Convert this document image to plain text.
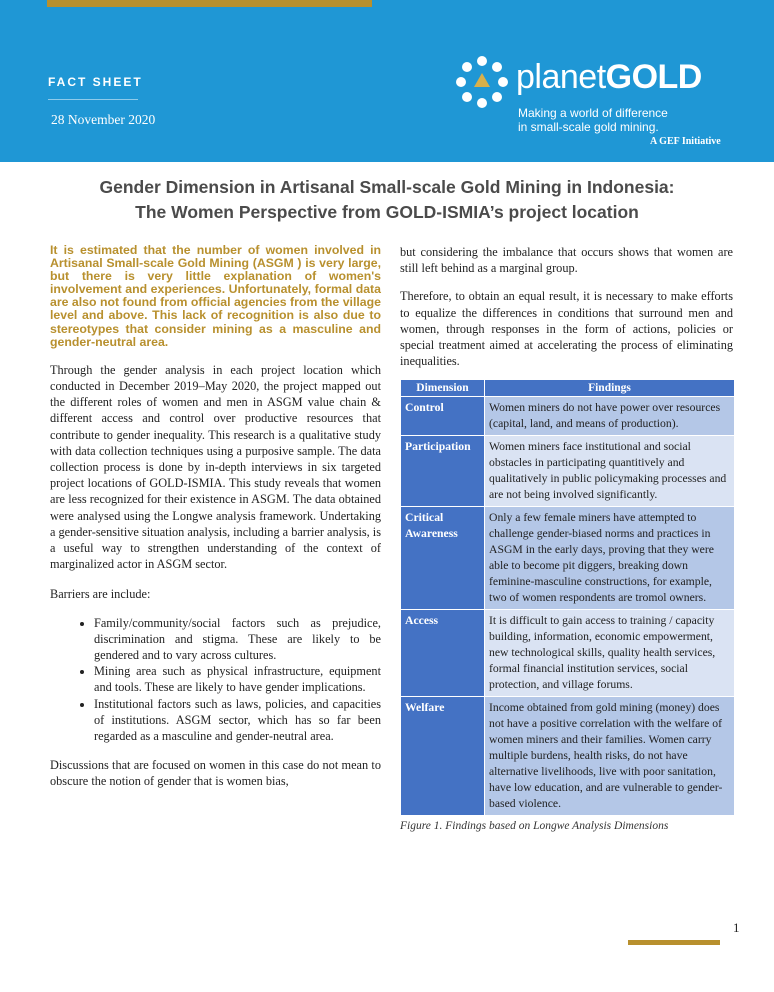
FACT SHEET
28 November 2020
planetGOLD
Making a world of difference
in small-scale gold mining.
A GEF Initiative
Gender Dimension in Artisanal Small-scale Gold Mining in Indonesia:
The Women Perspective from GOLD-ISMIA’s project location

It is estimated that the number of women involved in Artisanal Small-scale Gold Mining (ASGM ) is very large, but there is very little explanation of women's involvement and experiences. Unfortunately, formal data are also not found from official agencies from the village level and above. This lack of recognition is also due to stereotypes that consider mining as a masculine and gender-neutral area.

Through the gender analysis in each project location which conducted in December 2019–May 2020, the project mapped out the different roles of women and men in ASGM value chain & different access and control over productive resources that contribute to gender inequality. This research is a qualitative study with data collection techniques using a purposive sample. The data collection process is done by in-depth interviews in six targeted project locations of GOLD-ISMIA. This study reveals that women are less recognized for their existence in ASGM. The data obtained were analysed using the Longwe analysis framework. Undertaking a gender-sensitive situation analysis, including a barrier analysis, is a useful way to strengthen understanding of the context of marginalized actor in ASGM sector.

Barriers are include:

• Family/community/social factors such as prejudice, discrimination and stigma. These are likely to be gendered and to vary across cultures.
• Mining area such as physical infrastructure, equipment and tools. These are likely to have gender implications.
• Institutional factors such as laws, policies, and capacities of institutions. ASGM sector, which has so far been regarded as a masculine and gender-neutral area.

Discussions that are focused on women in this case do not mean to obscure the notion of gender that is women bias,

but considering the imbalance that occurs shows that women are still left behind as a marginal group.

Therefore, to obtain an equal result, it is necessary to make efforts to equalize the differences in conditions that surround men and women, through responses in the form of actions, policies or special treatment aimed at accelerating the process of eliminating inequalities.

Dimension	Findings
Control	Women miners do not have power over resources (capital, land, and means of production).
Participation	Women miners face institutional and social obstacles in participating quantitively and qualitatively in public policymaking processes and are not being involved significantly.
Critical Awareness	Only a few female miners have attempted to challenge gender-biased norms and practices in ASGM in the early days, proving that they were able to become pit diggers, breaking down feminine-masculine constructions, for example, two of women respondents are tromol owners.
Access	It is difficult to gain access to training / capacity building, information, economic empowerment, new technological skills, quality health services, formal financial institution services, social protection, and village forums.
Welfare	Income obtained from gold mining (money) does not have a positive correlation with the welfare of women miners and their families. Women carry multiple burdens, health risks, do not have alternative livelihoods, live with poor sanitation, have low education, and are vulnerable to gender-based violence.
Figure 1. Findings based on Longwe Analysis Dimensions
1
